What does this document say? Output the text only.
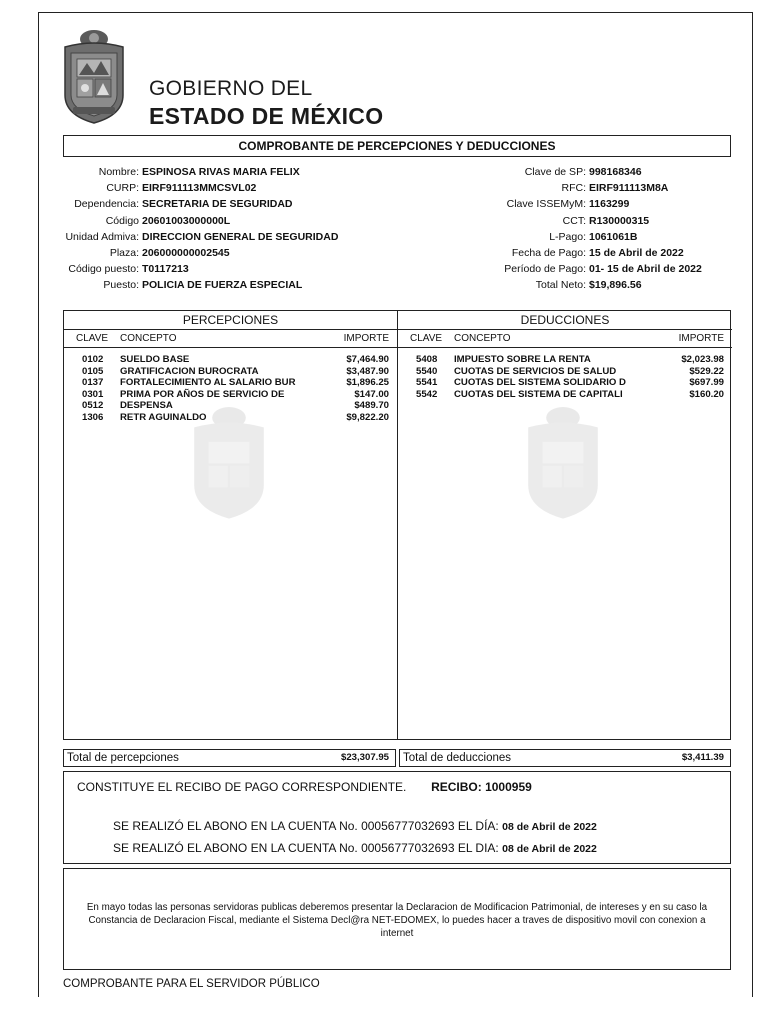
GOBIERNO DEL
ESTADO DE MÉXICO
COMPROBANTE DE PERCEPCIONES Y DEDUCCIONES
Nombre: ESPINOSA RIVAS MARIA FELIX
CURP: EIRF911113MMCSVL02
Dependencia: SECRETARIA DE SEGURIDAD
Código 20601003000000L
Unidad Admiva: DIRECCION GENERAL DE SEGURIDAD
Plaza: 206000000002545
Código puesto: T0117213
Puesto: POLICIA DE FUERZA ESPECIAL
Clave de SP: 998168346
RFC: EIRF911113M8A
Clave ISSEMyM: 1163299
CCT: R130000315
L-Pago: 1061061B
Fecha de Pago: 15 de Abril de 2022
Período de Pago: 01- 15 de Abril de 2022
Total Neto: $19,896.56
PERCEPCIONES
CLAVE CONCEPTO	IMPORTE
0102 SUELDO BASE	$7,464.90
0105 GRATIFICACION BUROCRATA	$3,487.90
0137 FORTALECIMIENTO AL SALARIO BUR	$1,896.25
0301 PRIMA POR AÑOS DE SERVICIO DE	$147.00
0512 DESPENSA	$489.70
1306 RETR AGUINALDO	$9,822.20
DEDUCCIONES
CLAVE CONCEPTO	IMPORTE
5408 IMPUESTO SOBRE LA RENTA	$2,023.98
5540 CUOTAS DE SERVICIOS DE SALUD	$529.22
5541 CUOTAS DEL SISTEMA SOLIDARIO D	$697.99
5542 CUOTAS DEL SISTEMA DE CAPITALI	$160.20
Total de percepciones	$23,307.95 Total de deducciones	$3,411.39
CONSTITUYE EL RECIBO DE PAGO CORRESPONDIENTE. RECIBO: 1000959
SE REALIZÓ EL ABONO EN LA CUENTA No. 00056777032693 EL DÍA: 08 de Abril de 2022
SE REALIZÓ EL ABONO EN LA CUENTA No. 00056777032693 EL DIA: 08 de Abril de 2022
En mayo todas las personas servidoras publicas deberemos presentar la Declaracion de Modificacion Patrimonial, de intereses y en su caso la Constancia de Declaracion Fiscal, mediante el Sistema Decl@ra NET-EDOMEX, lo puedes hacer a traves de dispositivo movil con conexion a internet
COMPROBANTE PARA EL SERVIDOR PÚBLICO
